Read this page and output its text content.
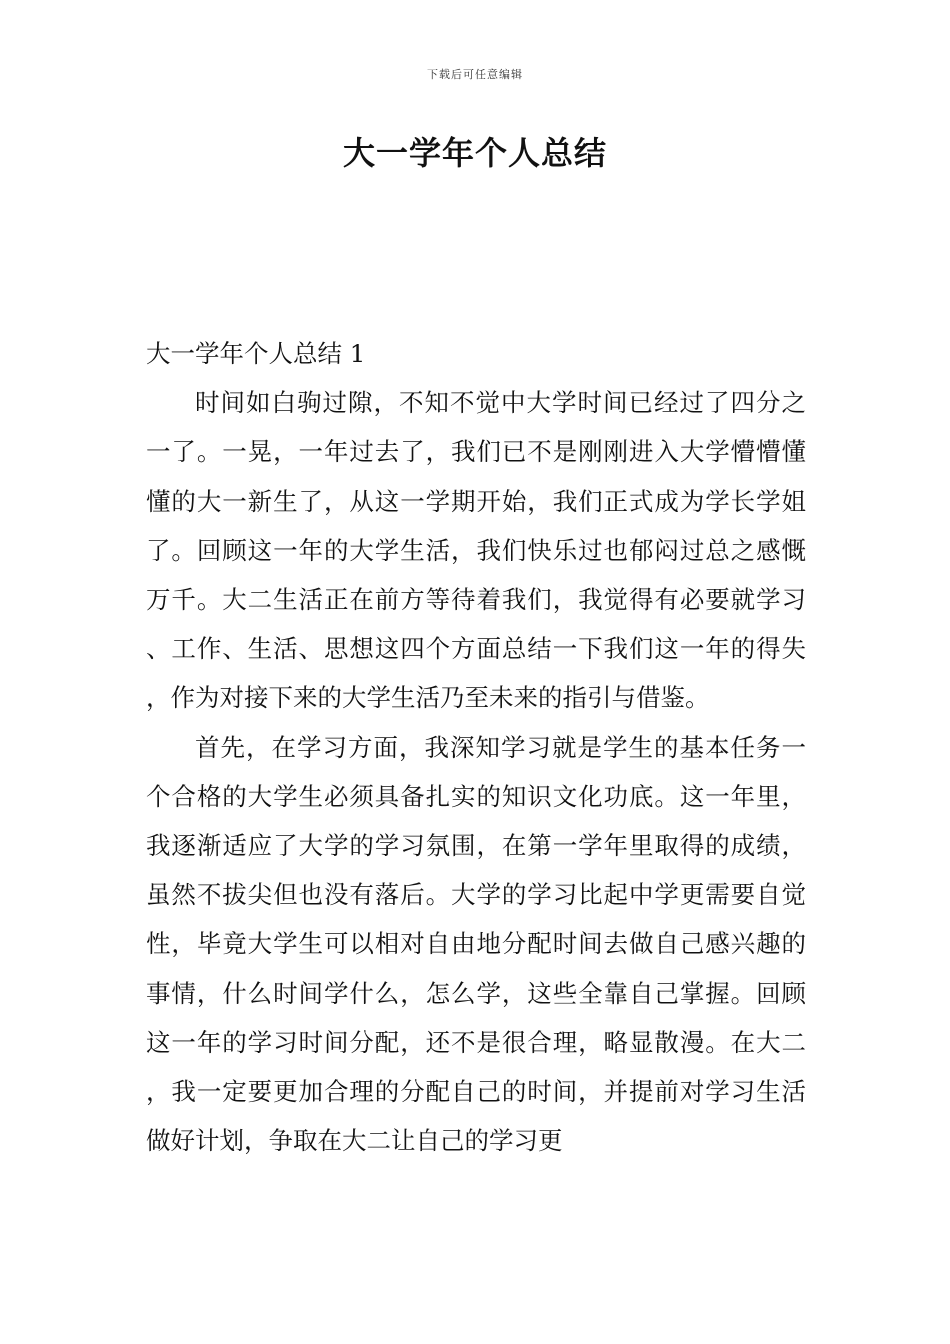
下载后可任意编辑
大一学年个人总结
大一学年个人总结 1

时间如白驹过隙，不知不觉中大学时间已经过了四分之一了。一晃，一年过去了，我们已不是刚刚进入大学懵懵懂懂的大一新生了，从这一学期开始，我们正式成为学长学姐了。回顾这一年的大学生活，我们快乐过也郁闷过总之感慨万千。大二生活正在前方等待着我们，我觉得有必要就学习、工作、生活、思想这四个方面总结一下我们这一年的得失，作为对接下来的大学生活乃至未来的指引与借鉴。

首先，在学习方面，我深知学习就是学生的基本任务一个合格的大学生必须具备扎实的知识文化功底。这一年里，我逐渐适应了大学的学习氛围，在第一学年里取得的成绩，虽然不拔尖但也没有落后。大学的学习比起中学更需要自觉性，毕竟大学生可以相对自由地分配时间去做自己感兴趣的事情，什么时间学什么，怎么学，这些全靠自己掌握。回顾这一年的学习时间分配，还不是很合理，略显散漫。在大二，我一定要更加合理的分配自己的时间，并提前对学习生活做好计划，争取在大二让自己的学习更
